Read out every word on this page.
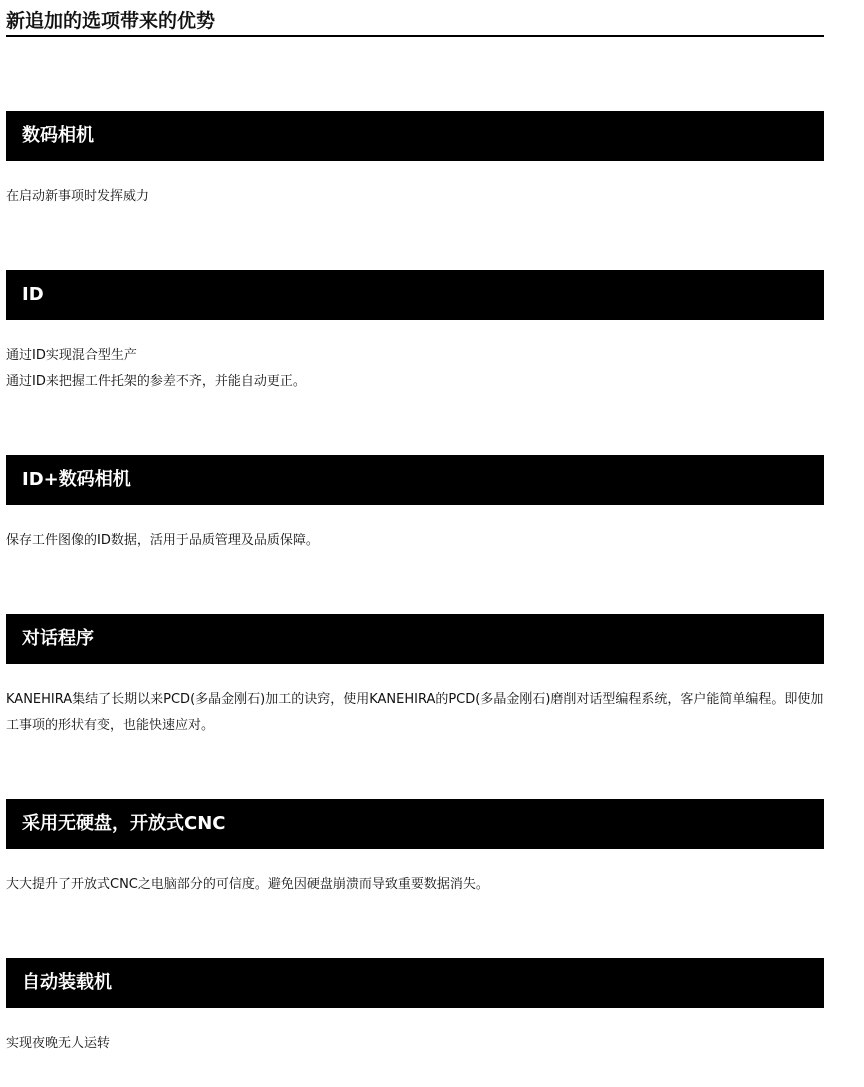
新追加的选项带来的优势
数码相机

在启动新事项时发挥威力

ID

通过ID实现混合型生产

通过ID来把握工件托架的参差不齐，并能自动更正。

ID+数码相机

保存工件图像的ID数据，活用于品质管理及品质保障。

对话程序

KANEHIRA集结了长期以来PCD(多晶金刚石)加工的诀窍，使用KANEHIRA的PCD(多晶金刚石)磨削对话型编程系统，客户能简单编程。即使加工事项的形状有变，也能快速应对。

采用无硬盘，开放式CNC

大大提升了开放式CNC之电脑部分的可信度。避免因硬盘崩溃而导致重要数据消失。

自动装载机

实现夜晚无人运转
